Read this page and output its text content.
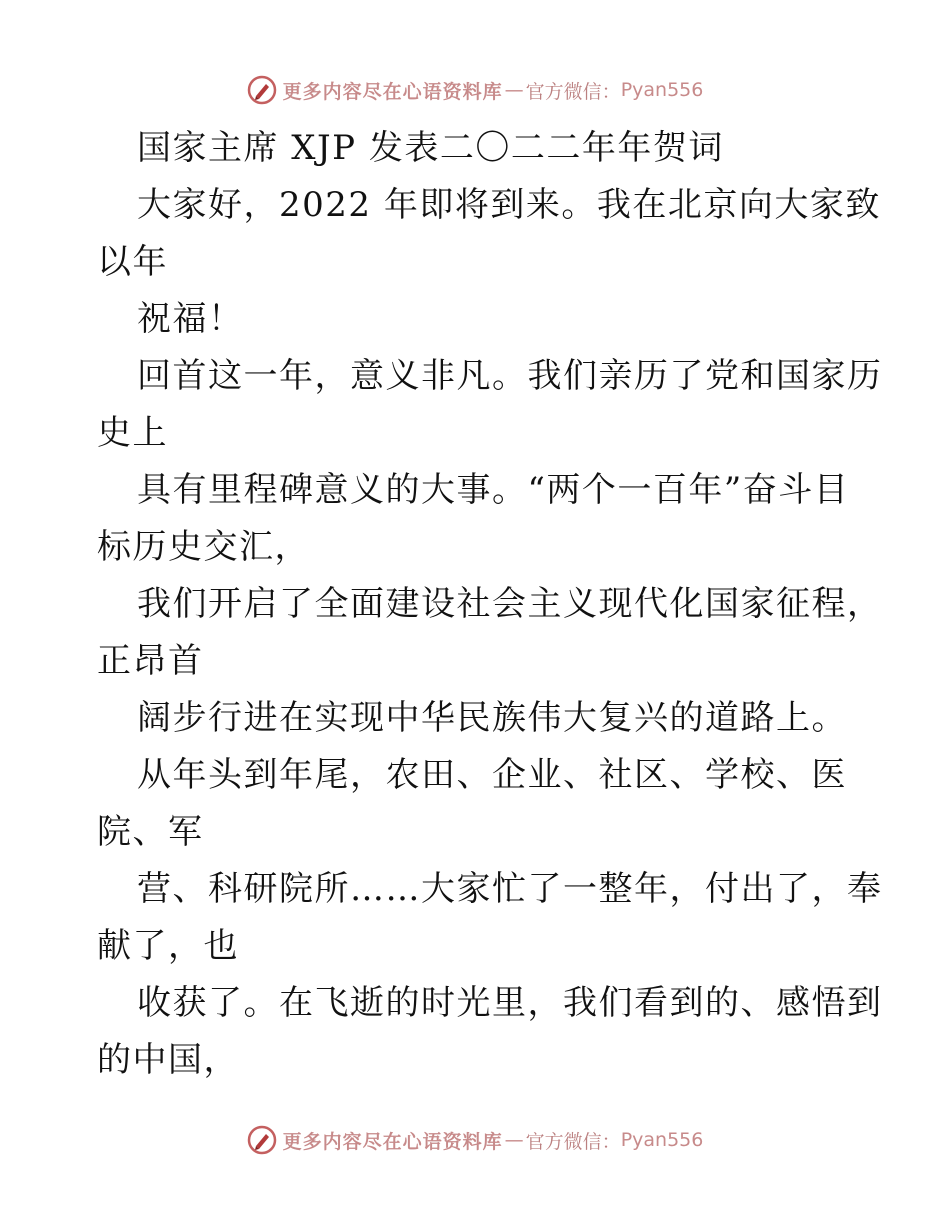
更多内容尽在心语资料库 — 官方微信： Pyan556
国家主席 XJP 发表二〇二二年年贺词
大家好，2022 年即将到来。我在北京向大家致
以年
祝福！
回首这一年，意义非凡。我们亲历了党和国家历
史上
具有里程碑意义的大事。“两个一百年”奋斗目
标历史交汇，
我们开启了全面建设社会主义现代化国家征程，
正昂首
阔步行进在实现中华民族伟大复兴的道路上。
从年头到年尾，农田、企业、社区、学校、医
院、军
营、科研院所……大家忙了一整年，付出了，奉
献了，也
收获了。在飞逝的时光里，我们看到的、感悟到
的中国，
更多内容尽在心语资料库 — 官方微信： Pyan556
